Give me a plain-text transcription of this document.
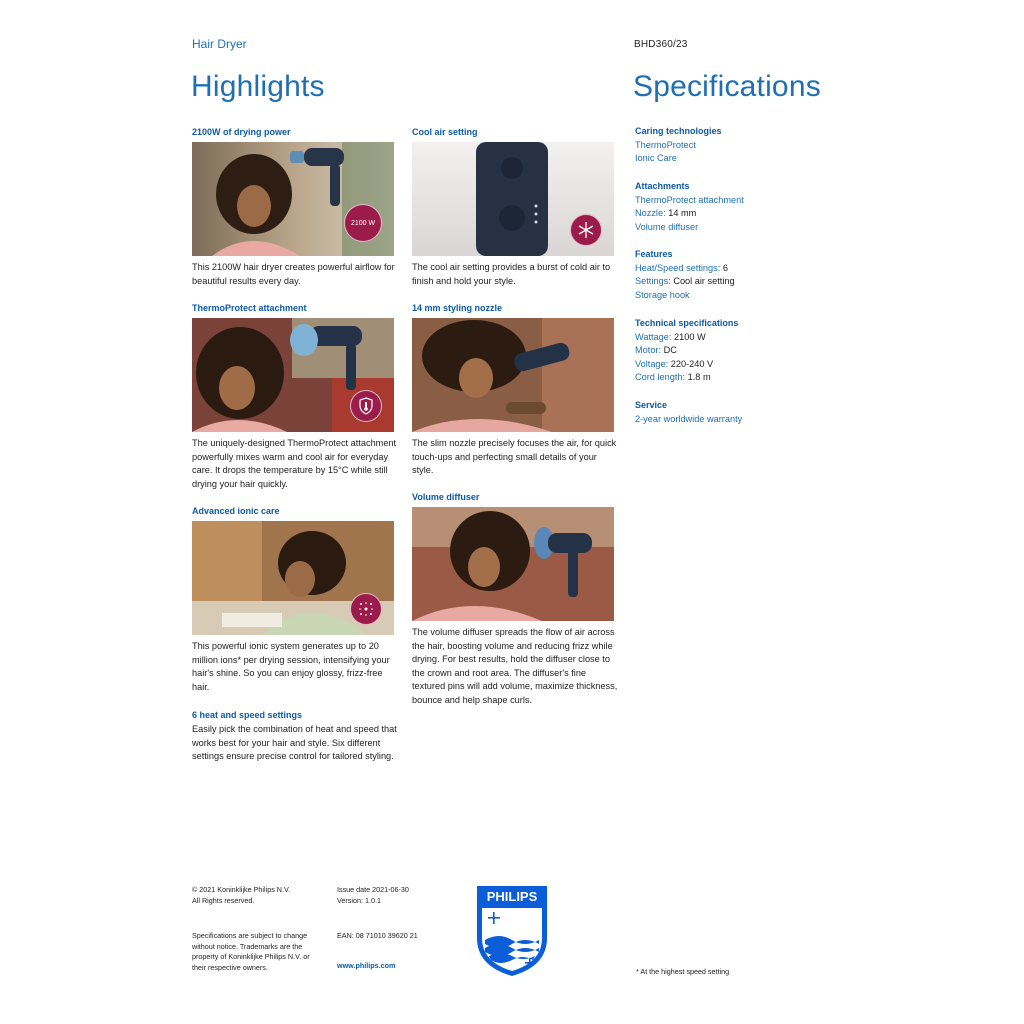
Hair Dryer	BHD360/23
Highlights	Specifications
2100W of drying power
2100 W
This 2100W hair dryer creates powerful airflow for beautiful results every day.
ThermoProtect attachment
The uniquely-designed ThermoProtect attachment powerfully mixes warm and cool air for everyday care. It drops the temperature by 15°C while still drying your hair quickly.
Advanced ionic care
This powerful ionic system generates up to 20 million ions* per drying session, intensifying your hair's shine. So you can enjoy glossy, frizz-free hair.
6 heat and speed settings
Easily pick the combination of heat and speed that works best for your hair and style. Six different settings ensure precise control for tailored styling.
Cool air setting
The cool air setting provides a burst of cold air to finish and hold your style.
14 mm styling nozzle
The slim nozzle precisely focuses the air, for quick touch-ups and perfecting small details of your style.
Volume diffuser
The volume diffuser spreads the flow of air across the hair, boosting volume and reducing frizz while drying. For best results, hold the diffuser close to the crown and root area. The diffuser's fine textured pins will add volume, maximize thickness, bounce and help shape curls.
Caring technologies
ThermoProtect
Ionic Care
Attachments
ThermoProtect attachment
Nozzle: 14 mm
Volume diffuser
Features
Heat/Speed settings: 6
Settings: Cool air setting
Storage hook
Technical specifications
Wattage: 2100 W
Motor: DC
Voltage: 220-240 V
Cord length: 1.8 m
Service
2-year worldwide warranty
© 2021 Koninklijke Philips N.V.
All Rights reserved.
Issue date 2021-06-30
Version: 1.0.1
Specifications are subject to change
without notice. Trademarks are the
property of Koninklijke Philips N.V. or
their respective owners.
EAN: 08 71010 39620 21
www.philips.com
PHILIPS
* At the highest speed setting
